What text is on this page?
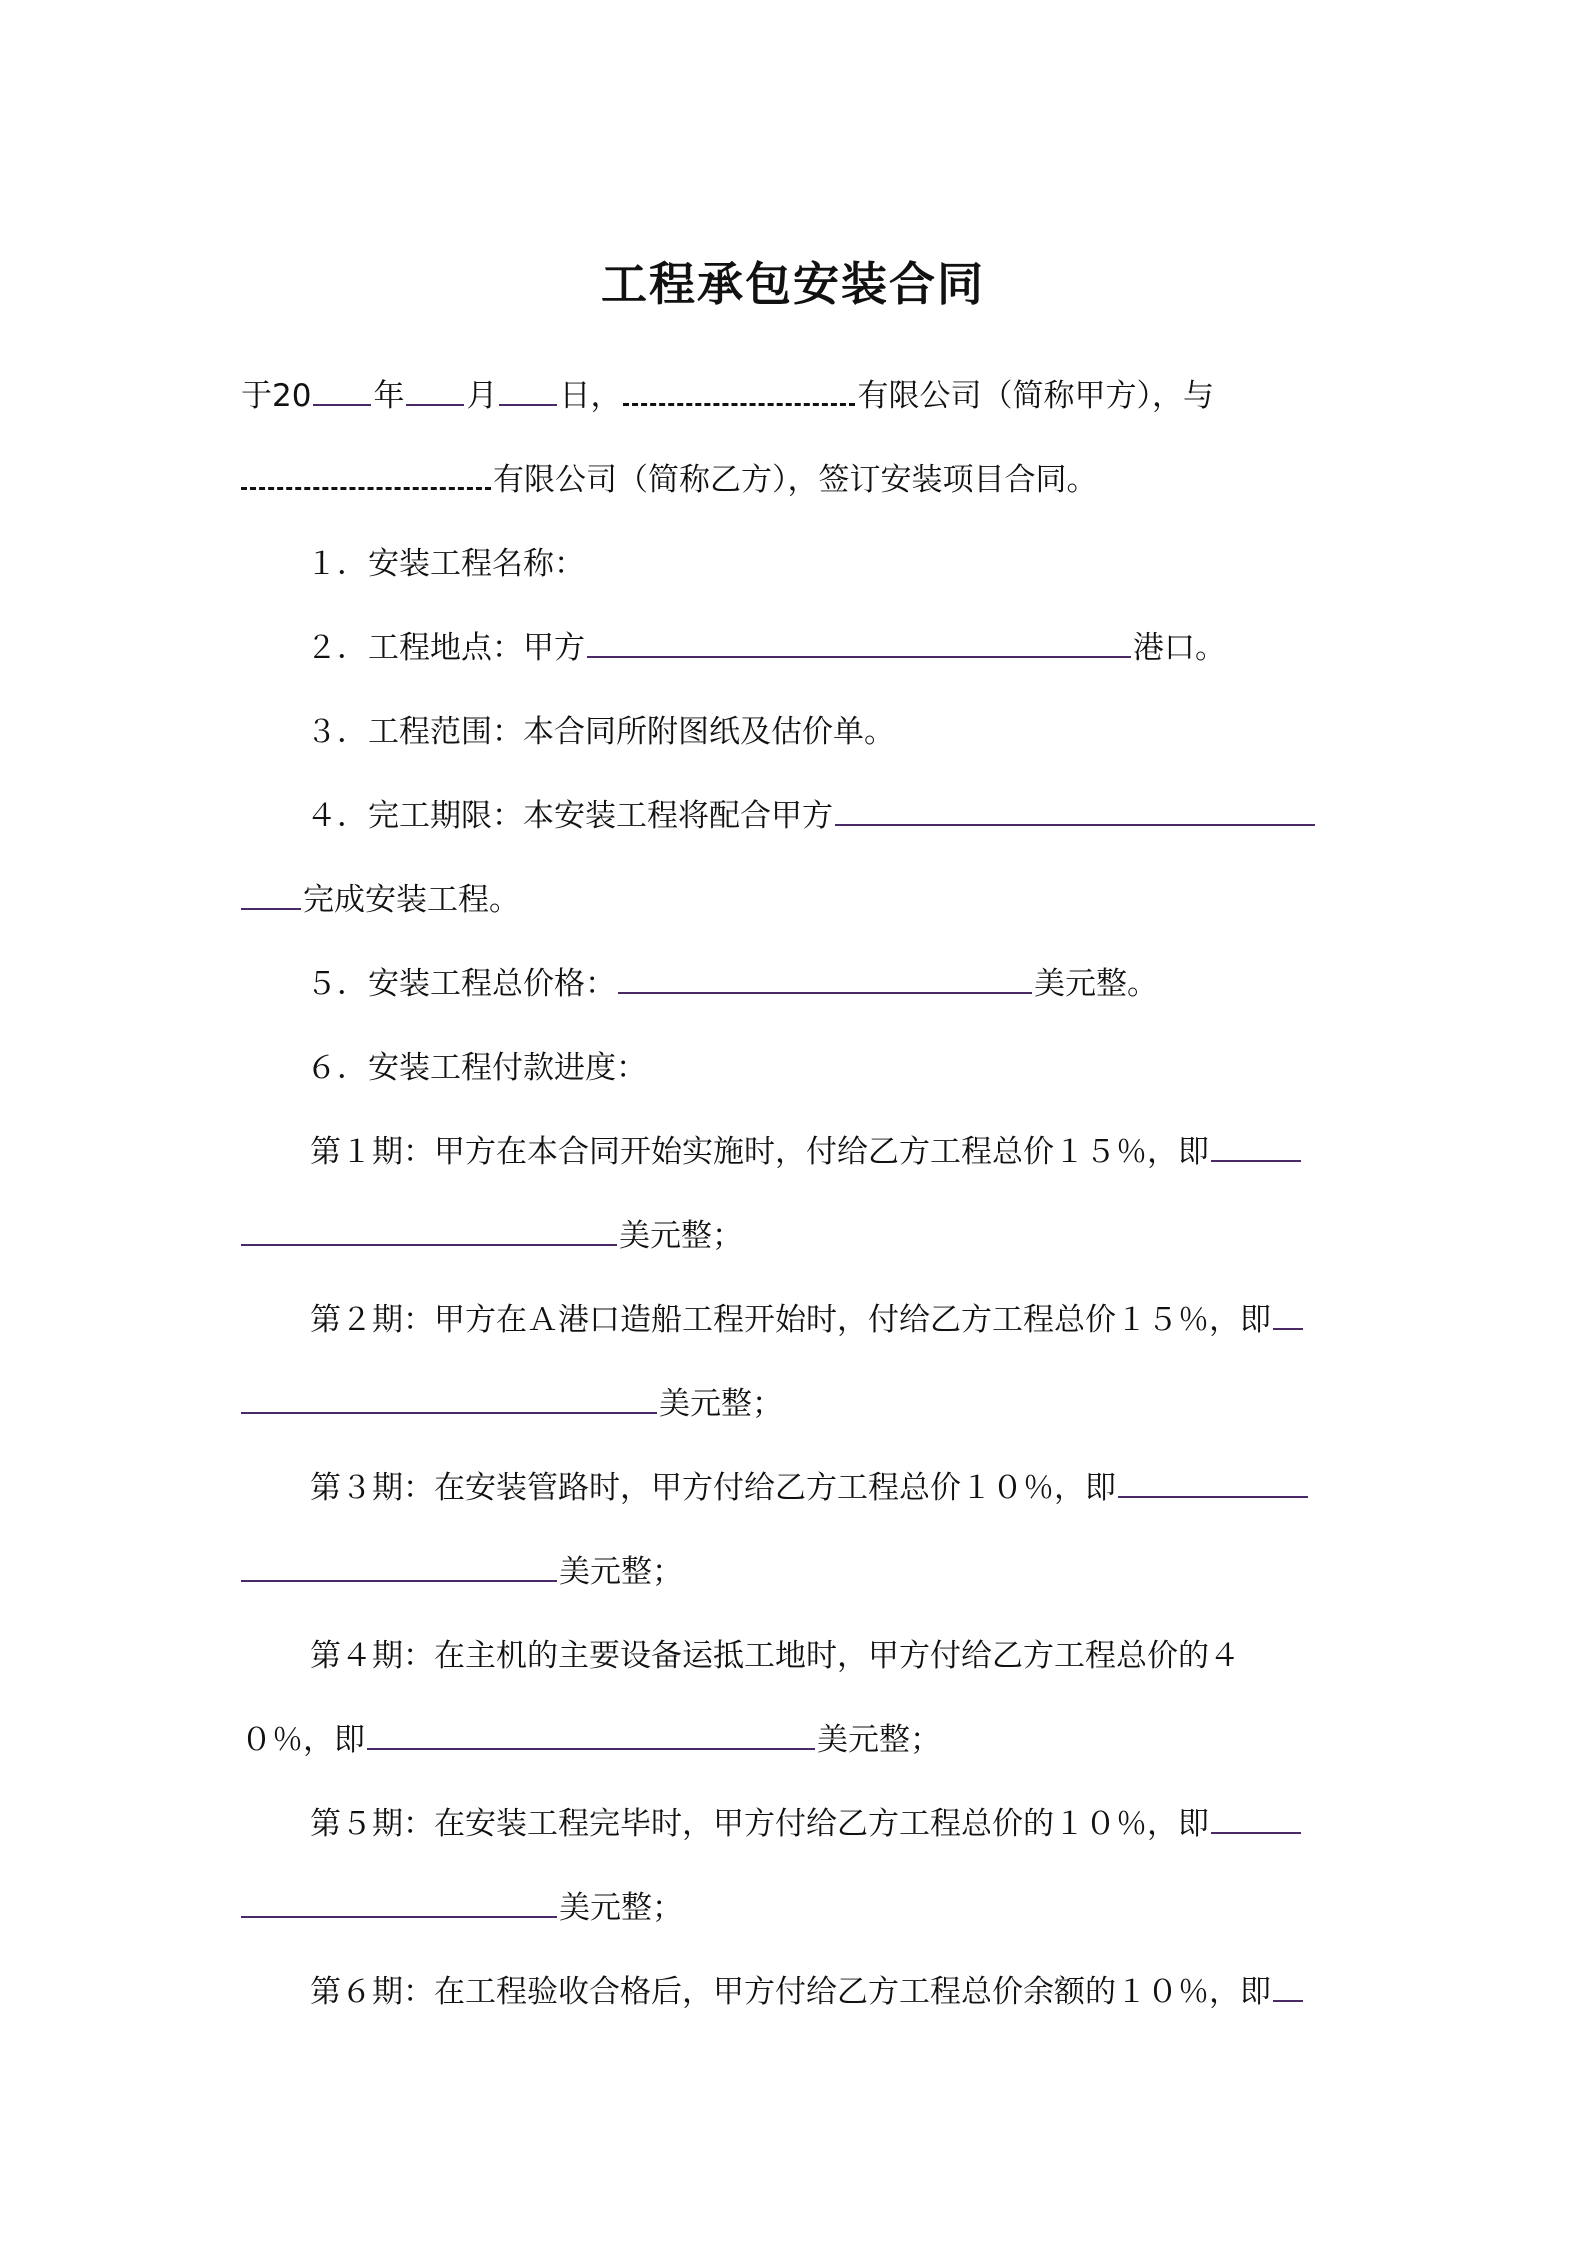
工程承包安装合同
于20 年 月 日，	有限公司（简称甲方），与
有限公司（简称乙方），签订安装项目合同。
１．安装工程名称：
２．工程地点：甲方	港口。
３．工程范围：本合同所附图纸及估价单。
４．完工期限：本安装工程将配合甲方
完成安装工程。
５．安装工程总价格：	美元整。
６．安装工程付款进度：
第１期：甲方在本合同开始实施时，付给乙方工程总价１５％，即
美元整；
第２期：甲方在Ａ港口造船工程开始时，付给乙方工程总价１５％，即
美元整；
第３期：在安装管路时，甲方付给乙方工程总价１０％，即
美元整；
第４期：在主机的主要设备运抵工地时，甲方付给乙方工程总价的４
０％，即	美元整；
第５期：在安装工程完毕时，甲方付给乙方工程总价的１０％，即
美元整；
第６期：在工程验收合格后，甲方付给乙方工程总价余额的１０％，即
